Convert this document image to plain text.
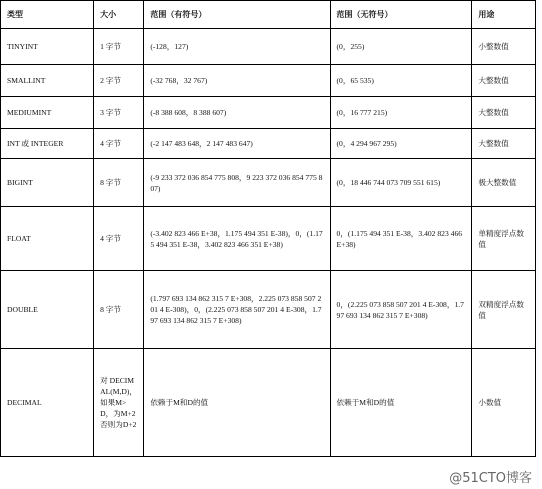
类型	大小	范围（有符号）	范围（无符号）	用途
TINYINT	1 字节	(-128，127)	(0，255)	小整数值
SMALLINT	2 字节	(-32 768，32 767)	(0，65 535)	大整数值
MEDIUMINT	3 字节	(-8 388 608，8 388 607)	(0，16 777 215)	大整数值
INT 或 INTEGER	4 字节	(-2 147 483 648，2 147 483 647)	(0，4 294 967 295)	大整数值
BIGINT	8 字节	(-9 233 372 036 854 775 808，9 223 372 036 854 775 807)	(0，18 446 744 073 709 551 615)	极大整数值
FLOAT	4 字节	(-3.402 823 466 E+38，1.175 494 351 E-38)，0，(1.175 494 351 E-38，3.402 823 466 351 E+38)	0，(1.175 494 351 E-38，3.402 823 466 E+38)	单精度浮点数值
DOUBLE	8 字节	(1.797 693 134 862 315 7 E+308，2.225 073 858 507 201 4 E-308)，0，(2.225 073 858 507 201 4 E-308，1.797 693 134 862 315 7 E+308)	0，(2.225 073 858 507 201 4 E-308，1.797 693 134 862 315 7 E+308)	双精度浮点数值
DECIMAL	对 DECIMAL(M,D)，如果M>D，为M+2否则为D+2	依赖于M和D的值	依赖于M和D的值	小数值
@51CTO博客
